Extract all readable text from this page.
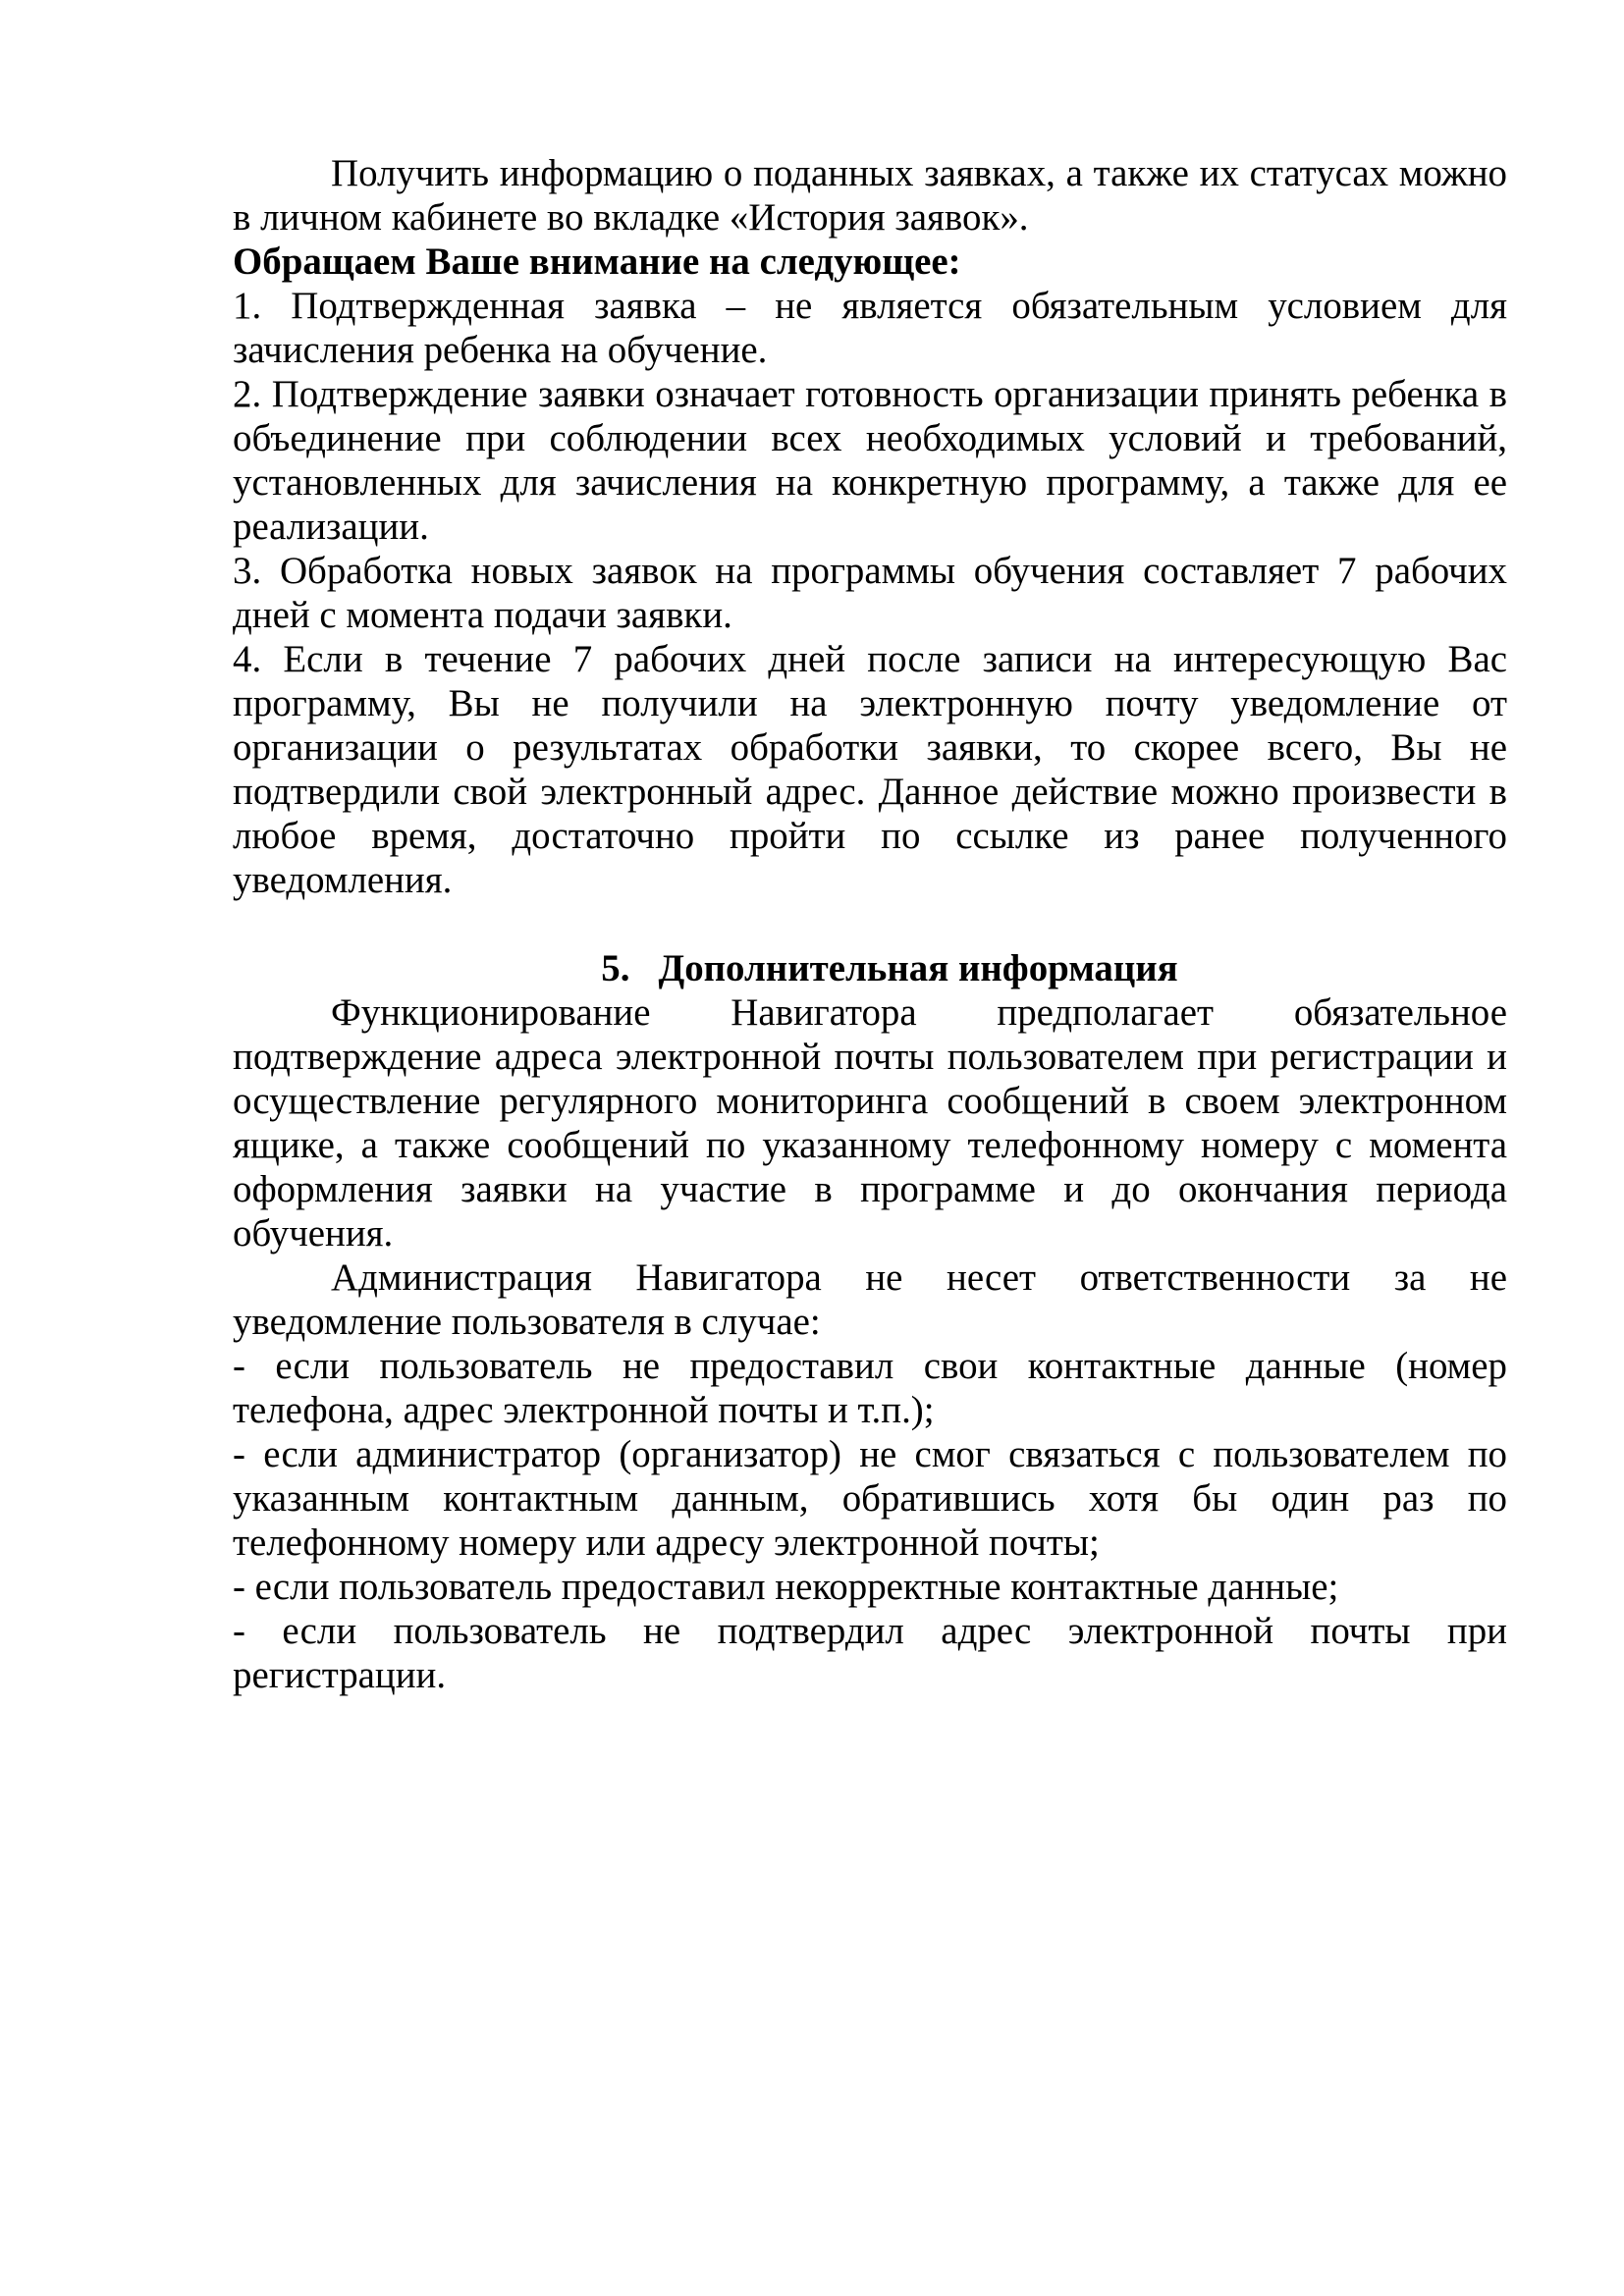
Получить информацию о поданных заявках, а также их статусах можно в личном кабинете во вкладке «История заявок».

Обращаем Ваше внимание на следующее:

1. Подтвержденная заявка – не является обязательным условием для зачисления ребенка на обучение.

2. Подтверждение заявки означает готовность организации принять ребенка в объединение при соблюдении всех необходимых условий и требований, установленных для зачисления на конкретную программу, а также для ее реализации.

3. Обработка новых заявок на программы обучения составляет 7 рабочих дней с момента подачи заявки.

4. Если в течение 7 рабочих дней после записи на интересующую Вас программу, Вы не получили на электронную почту уведомление от организации о результатах обработки заявки, то скорее всего, Вы не подтвердили свой электронный адрес. Данное действие можно произвести в любое время, достаточно пройти по ссылке из ранее полученного уведомления.

5. Дополнительная информация

Функционирование Навигатора предполагает обязательное подтверждение адреса электронной почты пользователем при регистрации и осуществление регулярного мониторинга сообщений в своем электронном ящике, а также сообщений по указанному телефонному номеру с момента оформления заявки на участие в программе и до окончания периода обучения.

Администрация Навигатора не несет ответственности за не уведомление пользователя в случае:

- если пользователь не предоставил свои контактные данные (номер телефона, адрес электронной почты и т.п.);

- если администратор (организатор) не смог связаться с пользователем по указанным контактным данным, обратившись хотя бы один раз по телефонному номеру или адресу электронной почты;

- если пользователь предоставил некорректные контактные данные;

- если пользователь не подтвердил адрес электронной почты при регистрации.
